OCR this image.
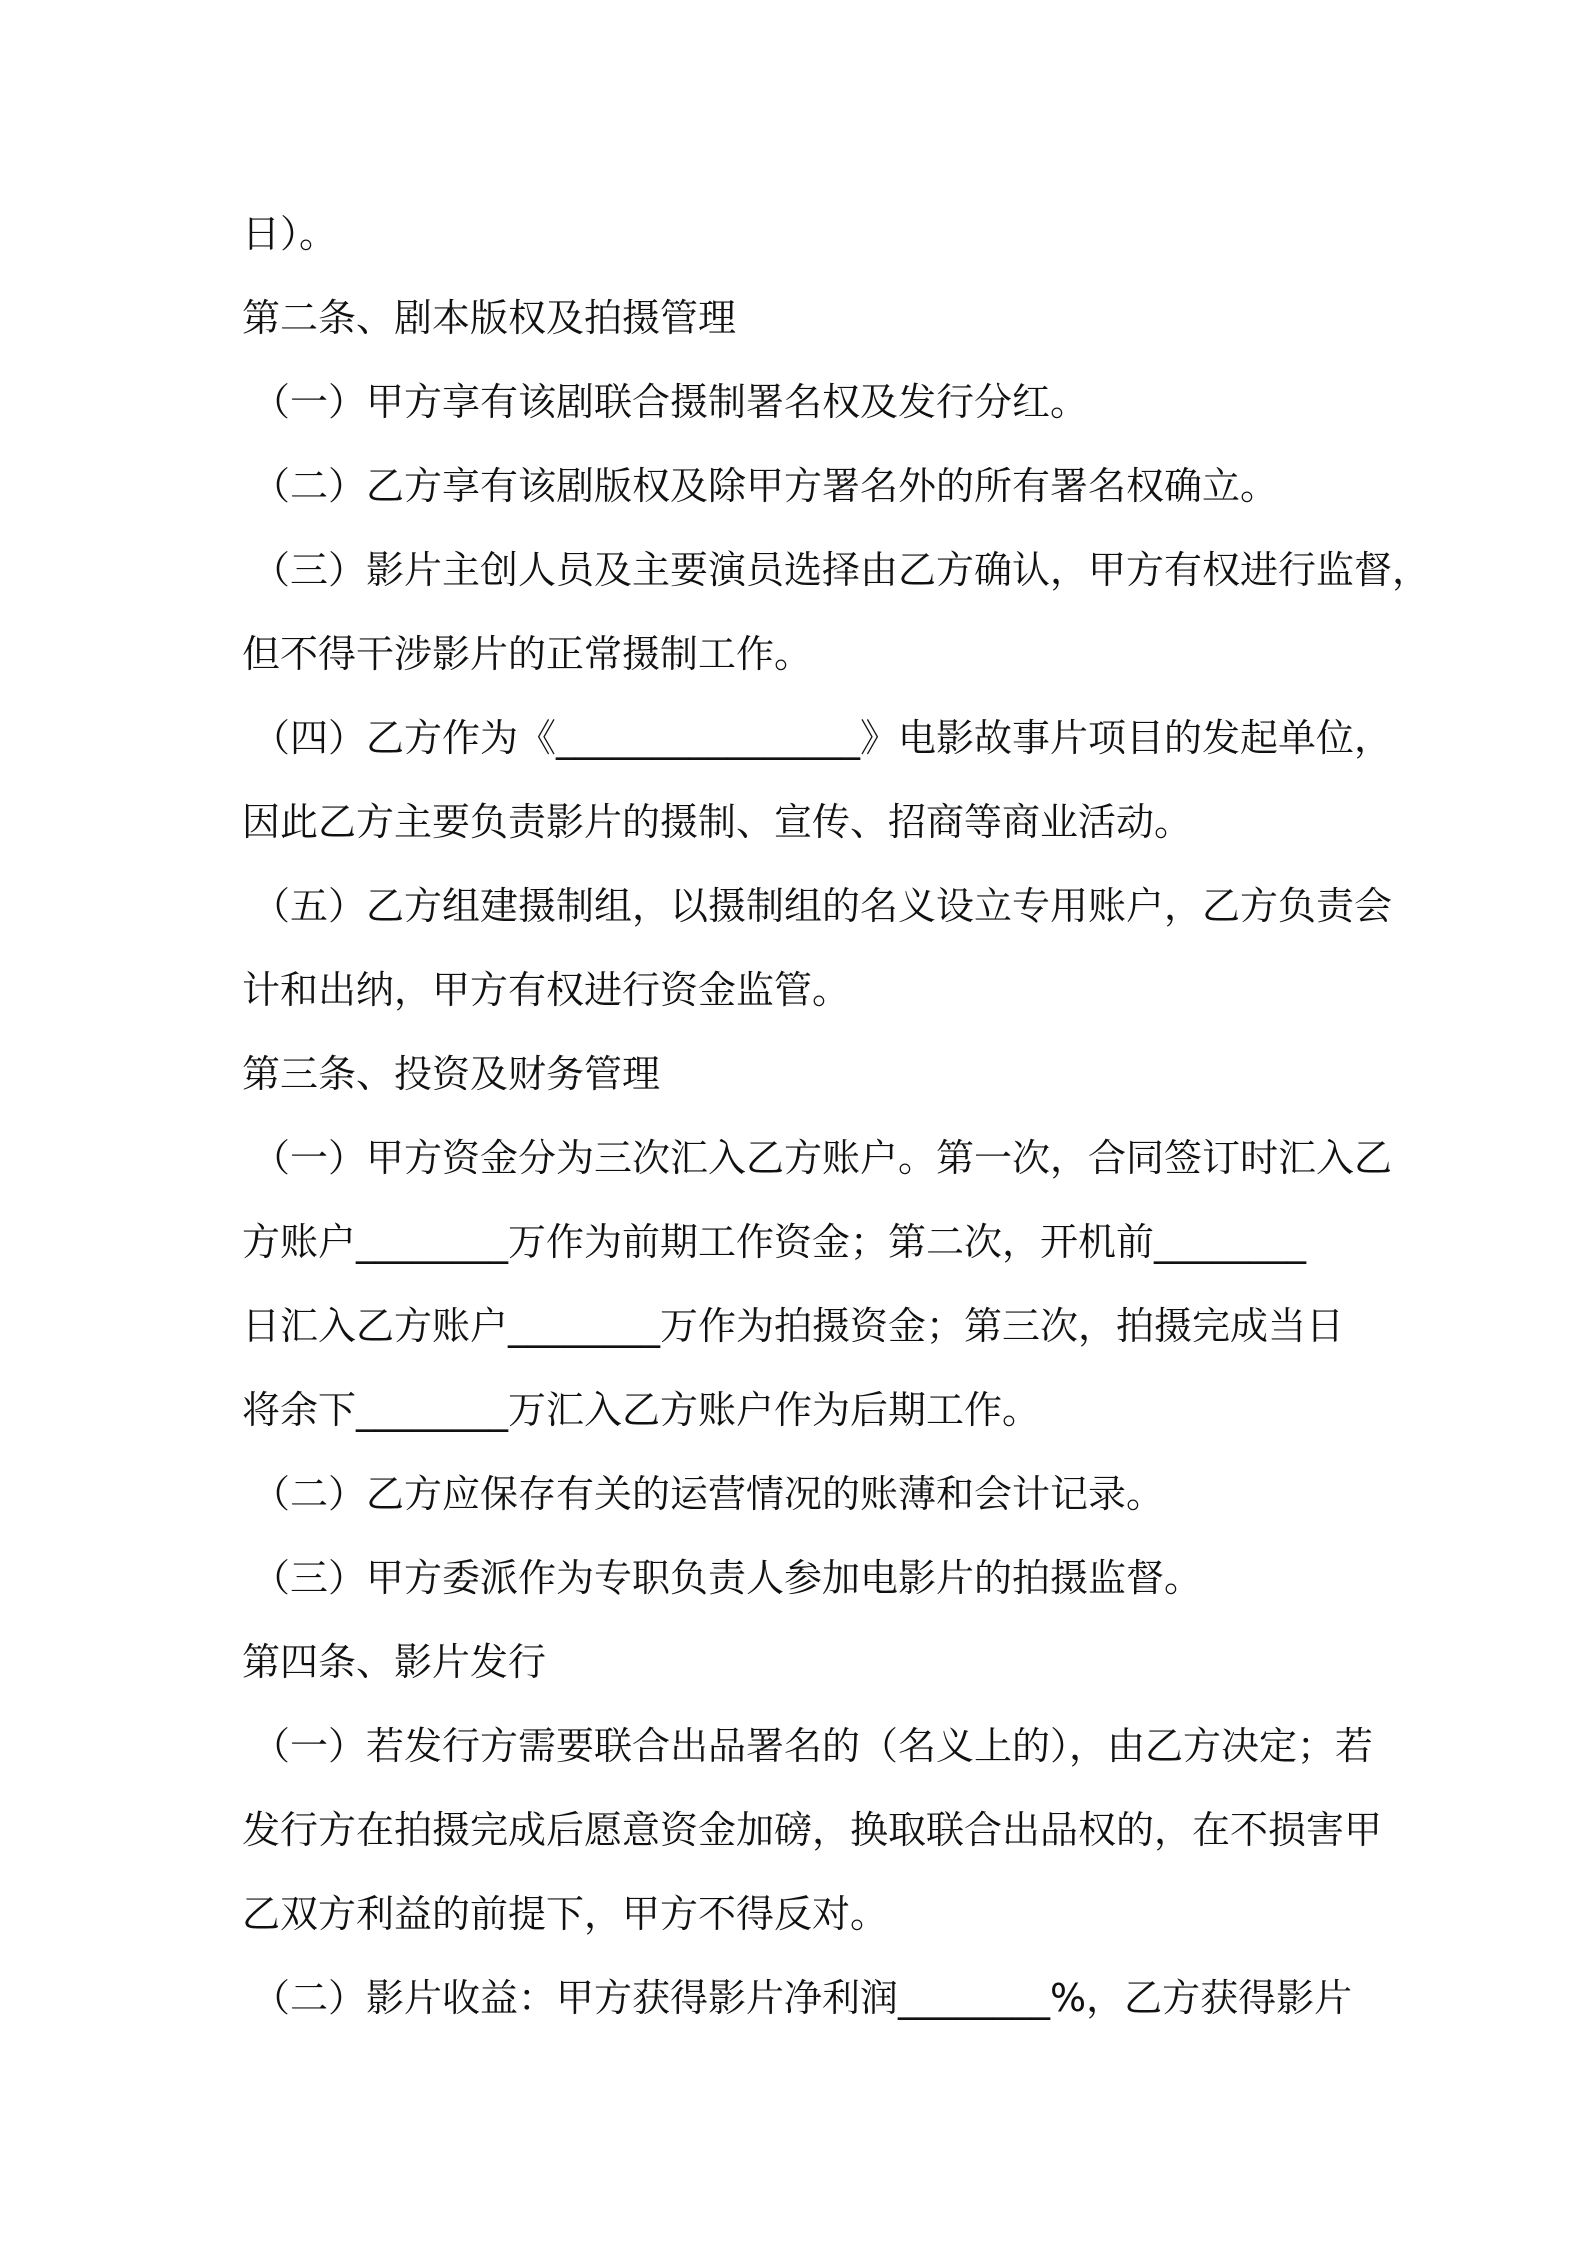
日）。

第二条、剧本版权及拍摄管理

（一）甲方享有该剧联合摄制署名权及发行分红。

（二）乙方享有该剧版权及除甲方署名外的所有署名权确立。

（三）影片主创人员及主要演员选择由乙方确认，甲方有权进行监督，

但不得干涉影片的正常摄制工作。

（四）乙方作为《________________》电影故事片项目的发起单位，

因此乙方主要负责影片的摄制、宣传、招商等商业活动。

（五）乙方组建摄制组，以摄制组的名义设立专用账户，乙方负责会

计和出纳，甲方有权进行资金监管。

第三条、投资及财务管理

（一）甲方资金分为三次汇入乙方账户。第一次，合同签订时汇入乙

方账户________万作为前期工作资金；第二次，开机前________

日汇入乙方账户________万作为拍摄资金；第三次，拍摄完成当日

将余下________万汇入乙方账户作为后期工作。

（二）乙方应保存有关的运营情况的账薄和会计记录。

（三）甲方委派作为专职负责人参加电影片的拍摄监督。

第四条、影片发行

（一）若发行方需要联合出品署名的（名义上的），由乙方决定；若

发行方在拍摄完成后愿意资金加磅，换取联合出品权的，在不损害甲

乙双方利益的前提下，甲方不得反对。

（二）影片收益：甲方获得影片净利润________%，乙方获得影片
